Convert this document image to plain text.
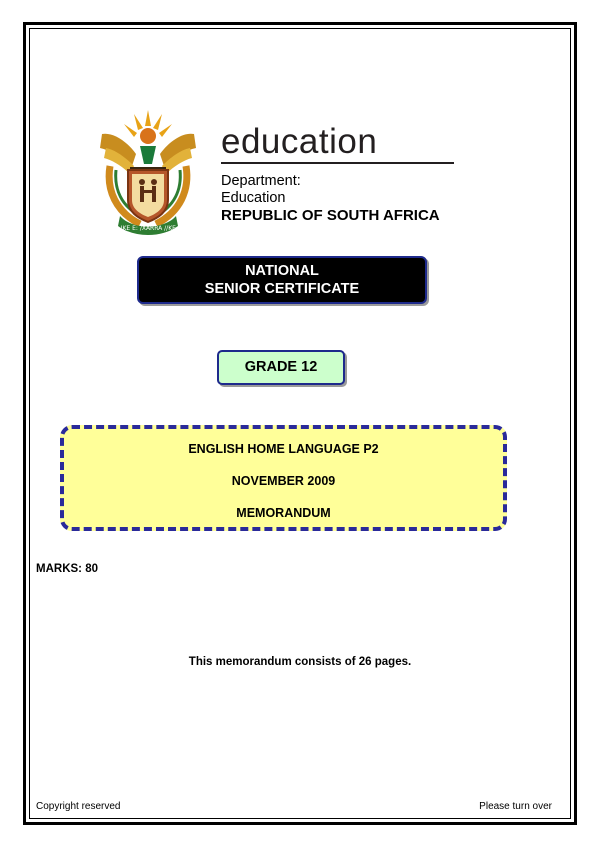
!KE E: /XARRA //KE
education
Department:
Education
REPUBLIC OF SOUTH AFRICA
NATIONAL
SENIOR CERTIFICATE
GRADE 12
ENGLISH HOME LANGUAGE P2
NOVEMBER 2009
MEMORANDUM
MARKS: 80
This memorandum consists of 26 pages.
Copyright reserved	Please turn over
